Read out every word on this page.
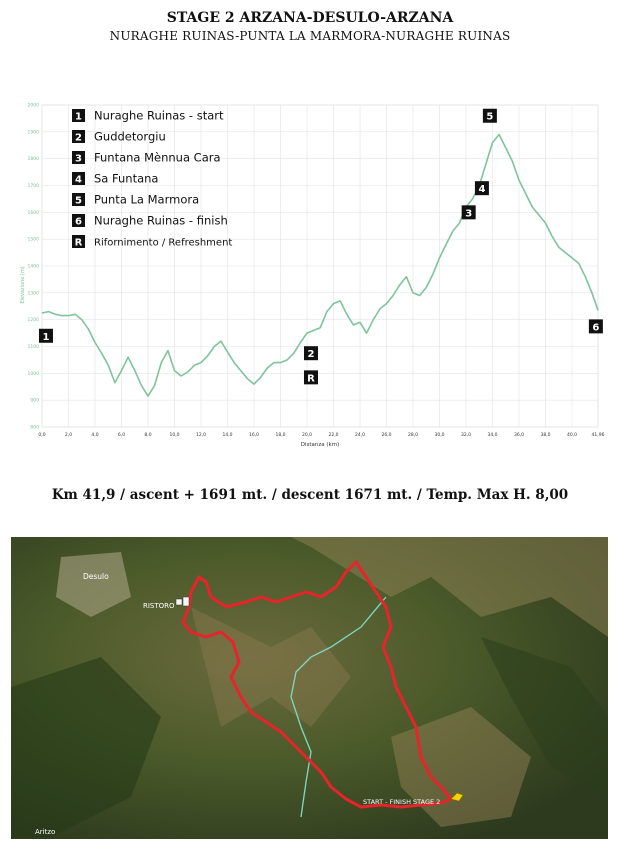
STAGE 2 ARZANA-DESULO-ARZANA
NURAGHE RUINAS-PUNTA LA MARMORA-NURAGHE RUINAS
800
900
1000
1100
1200
1300
1400
1500
1600
1700
1800
1900
2000
0,0	2,0	4,0	6,0	8,0	10,0	12,0	14,0	16,0	18,0	20,0	22,0	24,0	26,0	28,0	30,0	32,0	34,0	36,0	38,0	40,0	41,96
Elevazione (m)
Distanza (km)
1
2
R
3
4
5
6
1 Nuraghe Ruinas - start
2 Guddetorgiu
3 Funtana Mènnua Cara
4 Sa Funtana
5 Punta La Marmora
6 Nuraghe Ruinas - finish
R Rifornimento / Refreshment
Km 41,9 / ascent + 1691 mt. / descent 1671 mt. / Temp. Max H. 8,00
Desulo
RISTORO
START - FINISH STAGE 2
Aritzo
